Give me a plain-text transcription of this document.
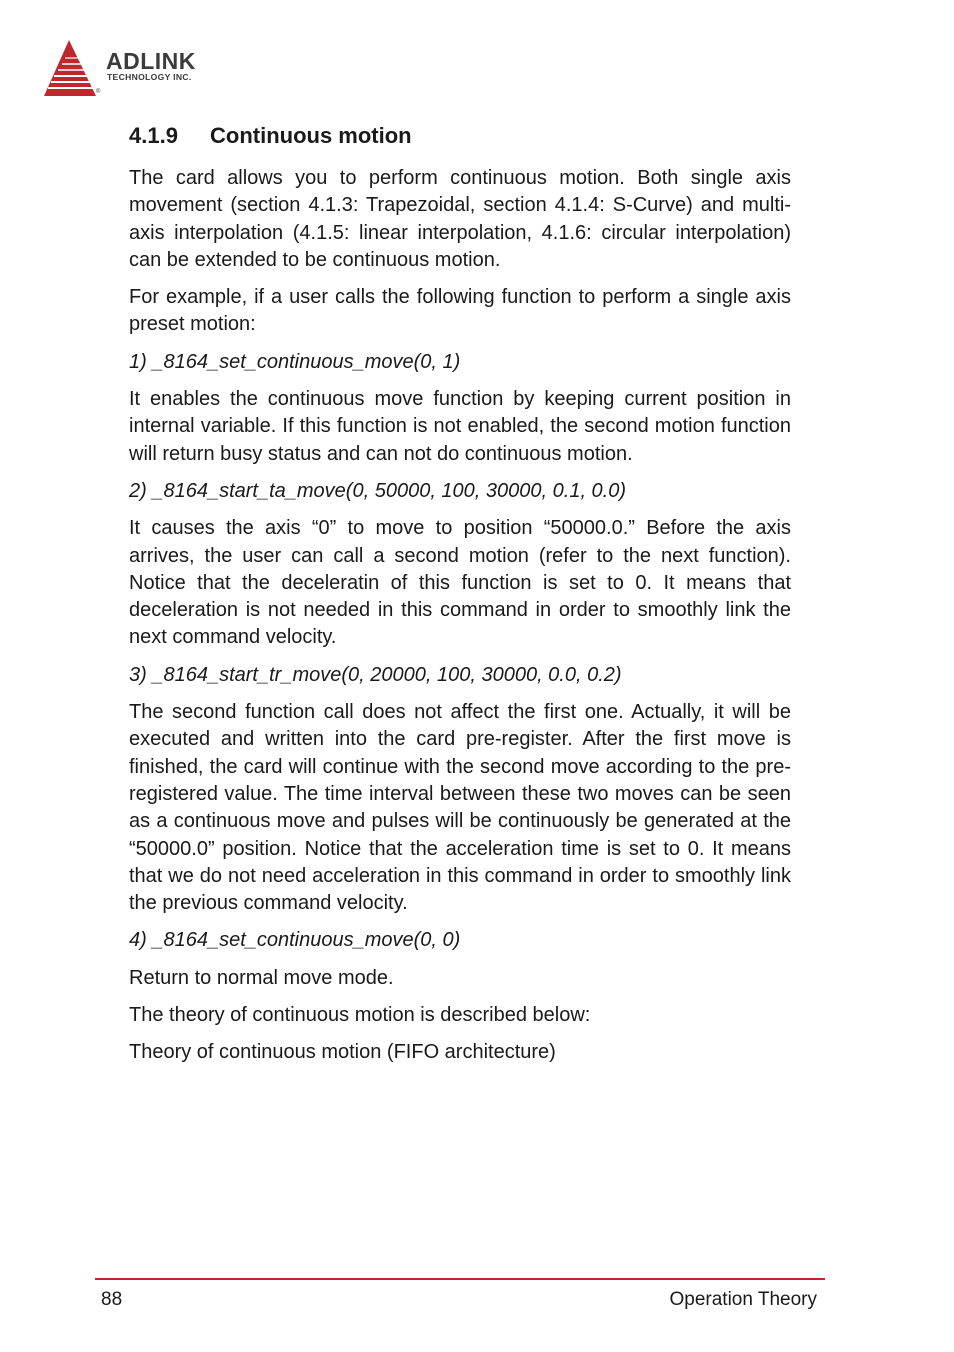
ADLINK
TECHNOLOGY INC.
®
4.1.9 Continuous motion

The card allows you to perform continuous motion. Both single axis movement (section 4.1.3: Trapezoidal, section 4.1.4: S-Curve) and multi-axis interpolation (4.1.5: linear interpolation, 4.1.6: circular interpolation) can be extended to be continuous motion.

For example, if a user calls the following function to perform a single axis preset motion:

1) _8164_set_continuous_move(0, 1)

It enables the continuous move function by keeping current position in internal variable. If this function is not enabled, the second motion function will return busy status and can not do continuous motion.

2) _8164_start_ta_move(0, 50000, 100, 30000, 0.1, 0.0)

It causes the axis “0” to move to position “50000.0.” Before the axis arrives, the user can call a second motion (refer to the next function). Notice that the deceleratin of this function is set to 0. It means that deceleration is not needed in this command in order to smoothly link the next command velocity.

3) _8164_start_tr_move(0, 20000, 100, 30000, 0.0, 0.2)

The second function call does not affect the first one. Actually, it will be executed and written into the card pre-register. After the first move is finished, the card will continue with the second move according to the pre-registered value. The time interval between these two moves can be seen as a continuous move and pulses will be continuously be generated at the “50000.0” position. Notice that the acceleration time is set to 0. It means that we do not need acceleration in this command in order to smoothly link the previous command velocity.

4) _8164_set_continuous_move(0, 0)

Return to normal move mode.

The theory of continuous motion is described below:

Theory of continuous motion (FIFO architecture)

88	Operation Theory
